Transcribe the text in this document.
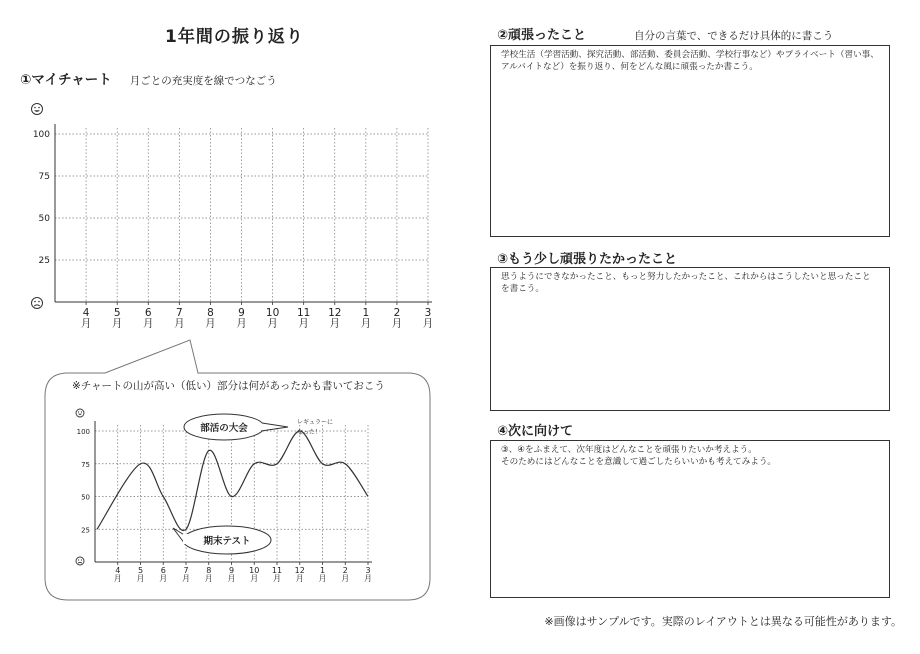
1年間の振り返り
①マイチャート 月ごとの充実度を線でつなごう
100
75
50
25
4
月
5
月
6
月
7
月
8
月
9
月
10
月
11
月
12
月
1
月
2
月
3
月
※チャートの山が高い（低い）部分は何があったかも書いておこう
100
75
50
25
4
月
5
月
6
月
7
月
8
月
9
月
10
月
11
月
12
月
1
月
2
月
3
月
部活の大会
期末テスト
レギュラーに
なった！
②頑張ったこと	自分の言葉で、できるだけ具体的に書こう
学校生活（学習活動、探究活動、部活動、委員会活動、学校行事など）やプライベート（習い事、アルバイトなど）を振り返り、何をどんな風に頑張ったか書こう。
③もう少し頑張りたかったこと
思うようにできなかったこと、もっと努力したかったこと、これからはこうしたいと思ったことを書こう。
④次に向けて
③、④をふまえて、次年度はどんなことを頑張りたいか考えよう。
そのためにはどんなことを意識して過ごしたらいいかも考えてみよう。
※画像はサンプルです。実際のレイアウトとは異なる可能性があります。
